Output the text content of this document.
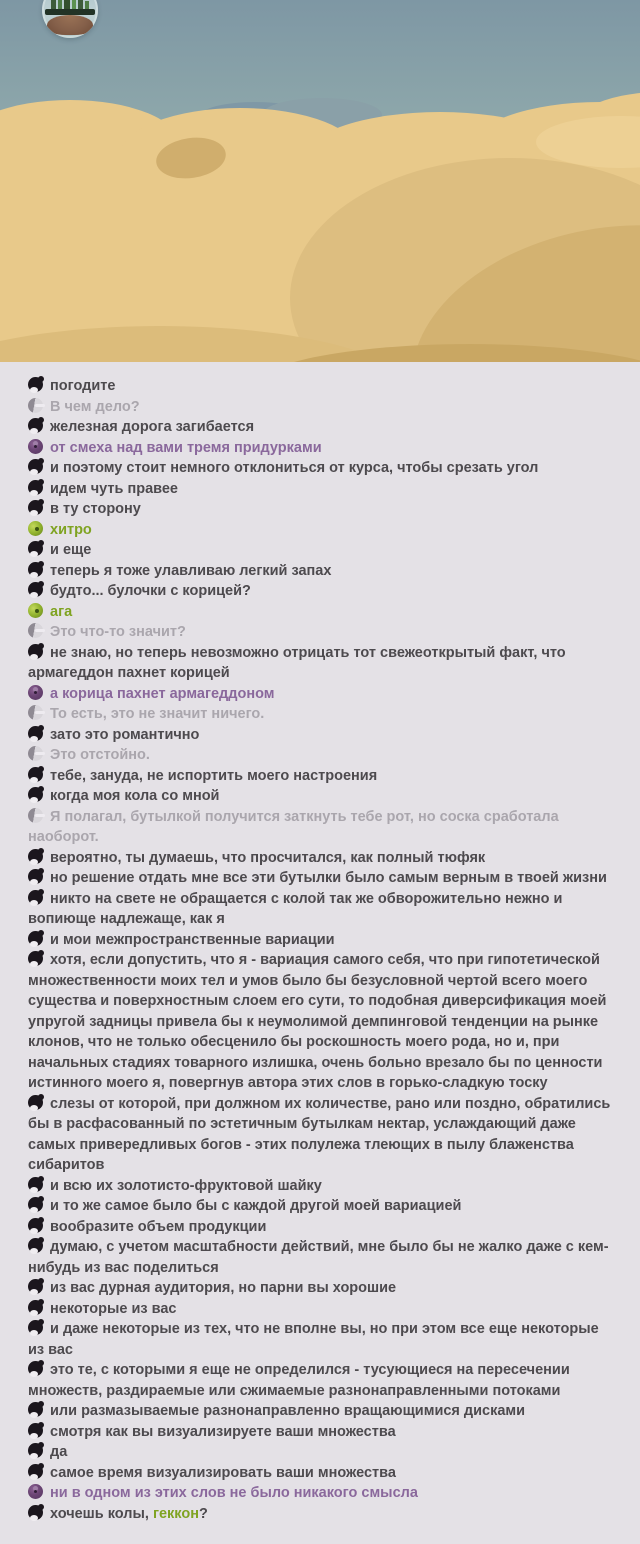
погодите
В чем дело?
железная дорога загибается
от смеха над вами тремя придурками
и поэтому стоит немного отклониться от курса, чтобы срезать угол
идем чуть правее
в ту сторону
хитро
и еще
теперь я тоже улавливаю легкий запах
будто... булочки с корицей?
ага
Это что-то значит?
не знаю, но теперь невозможно отрицать тот свежеоткрытый факт, что армагеддон пахнет корицей
а корица пахнет армагеддоном
То есть, это не значит ничего.
зато это романтично
Это отстойно.
тебе, зануда, не испортить моего настроения
когда моя кола со мной
Я полагал, бутылкой получится заткнуть тебе рот, но соска сработала наоборот.
вероятно, ты думаешь, что просчитался, как полный тюфяк
но решение отдать мне все эти бутылки было самым верным в твоей жизни
никто на свете не обращается с колой так же обворожительно нежно и вопиюще надлежаще, как я
и мои межпространственные вариации
хотя, если допустить, что я - вариация самого себя, что при гипотетической множественности моих тел и умов было бы безусловной чертой всего моего существа и поверхностным слоем его сути, то подобная диверсификация моей упругой задницы привела бы к неумолимой демпинговой тенденции на рынке клонов, что не только обесценило бы роскошность моего рода, но и, при начальных стадиях товарного излишка, очень больно врезало бы по ценности истинного моего я, повергнув автора этих слов в горько-сладкую тоску
слезы от которой, при должном их количестве, рано или поздно, обратились бы в расфасованный по эстетичным бутылкам нектар, услаждающий даже самых привередливых богов - этих полулежа тлеющих в пылу блаженства сибаритов
и всю их золотисто-фруктовой шайку
и то же самое было бы с каждой другой моей вариацией
вообразите объем продукции
думаю, с учетом масштабности действий, мне было бы не жалко даже с кем-нибудь из вас поделиться
из вас дурная аудитория, но парни вы хорошие
некоторые из вас
и даже некоторые из тех, что не вполне вы, но при этом все еще некоторые из вас
это те, с которыми я еще не определился - тусующиеся на пересечении множеств, раздираемые или сжимаемые разнонаправленными потоками
или размазываемые разнонаправленно вращающимися дисками
смотря как вы визуализируете ваши множества
да
самое время визуализировать ваши множества
ни в одном из этих слов не было никакого смысла
хочешь колы, геккон?
